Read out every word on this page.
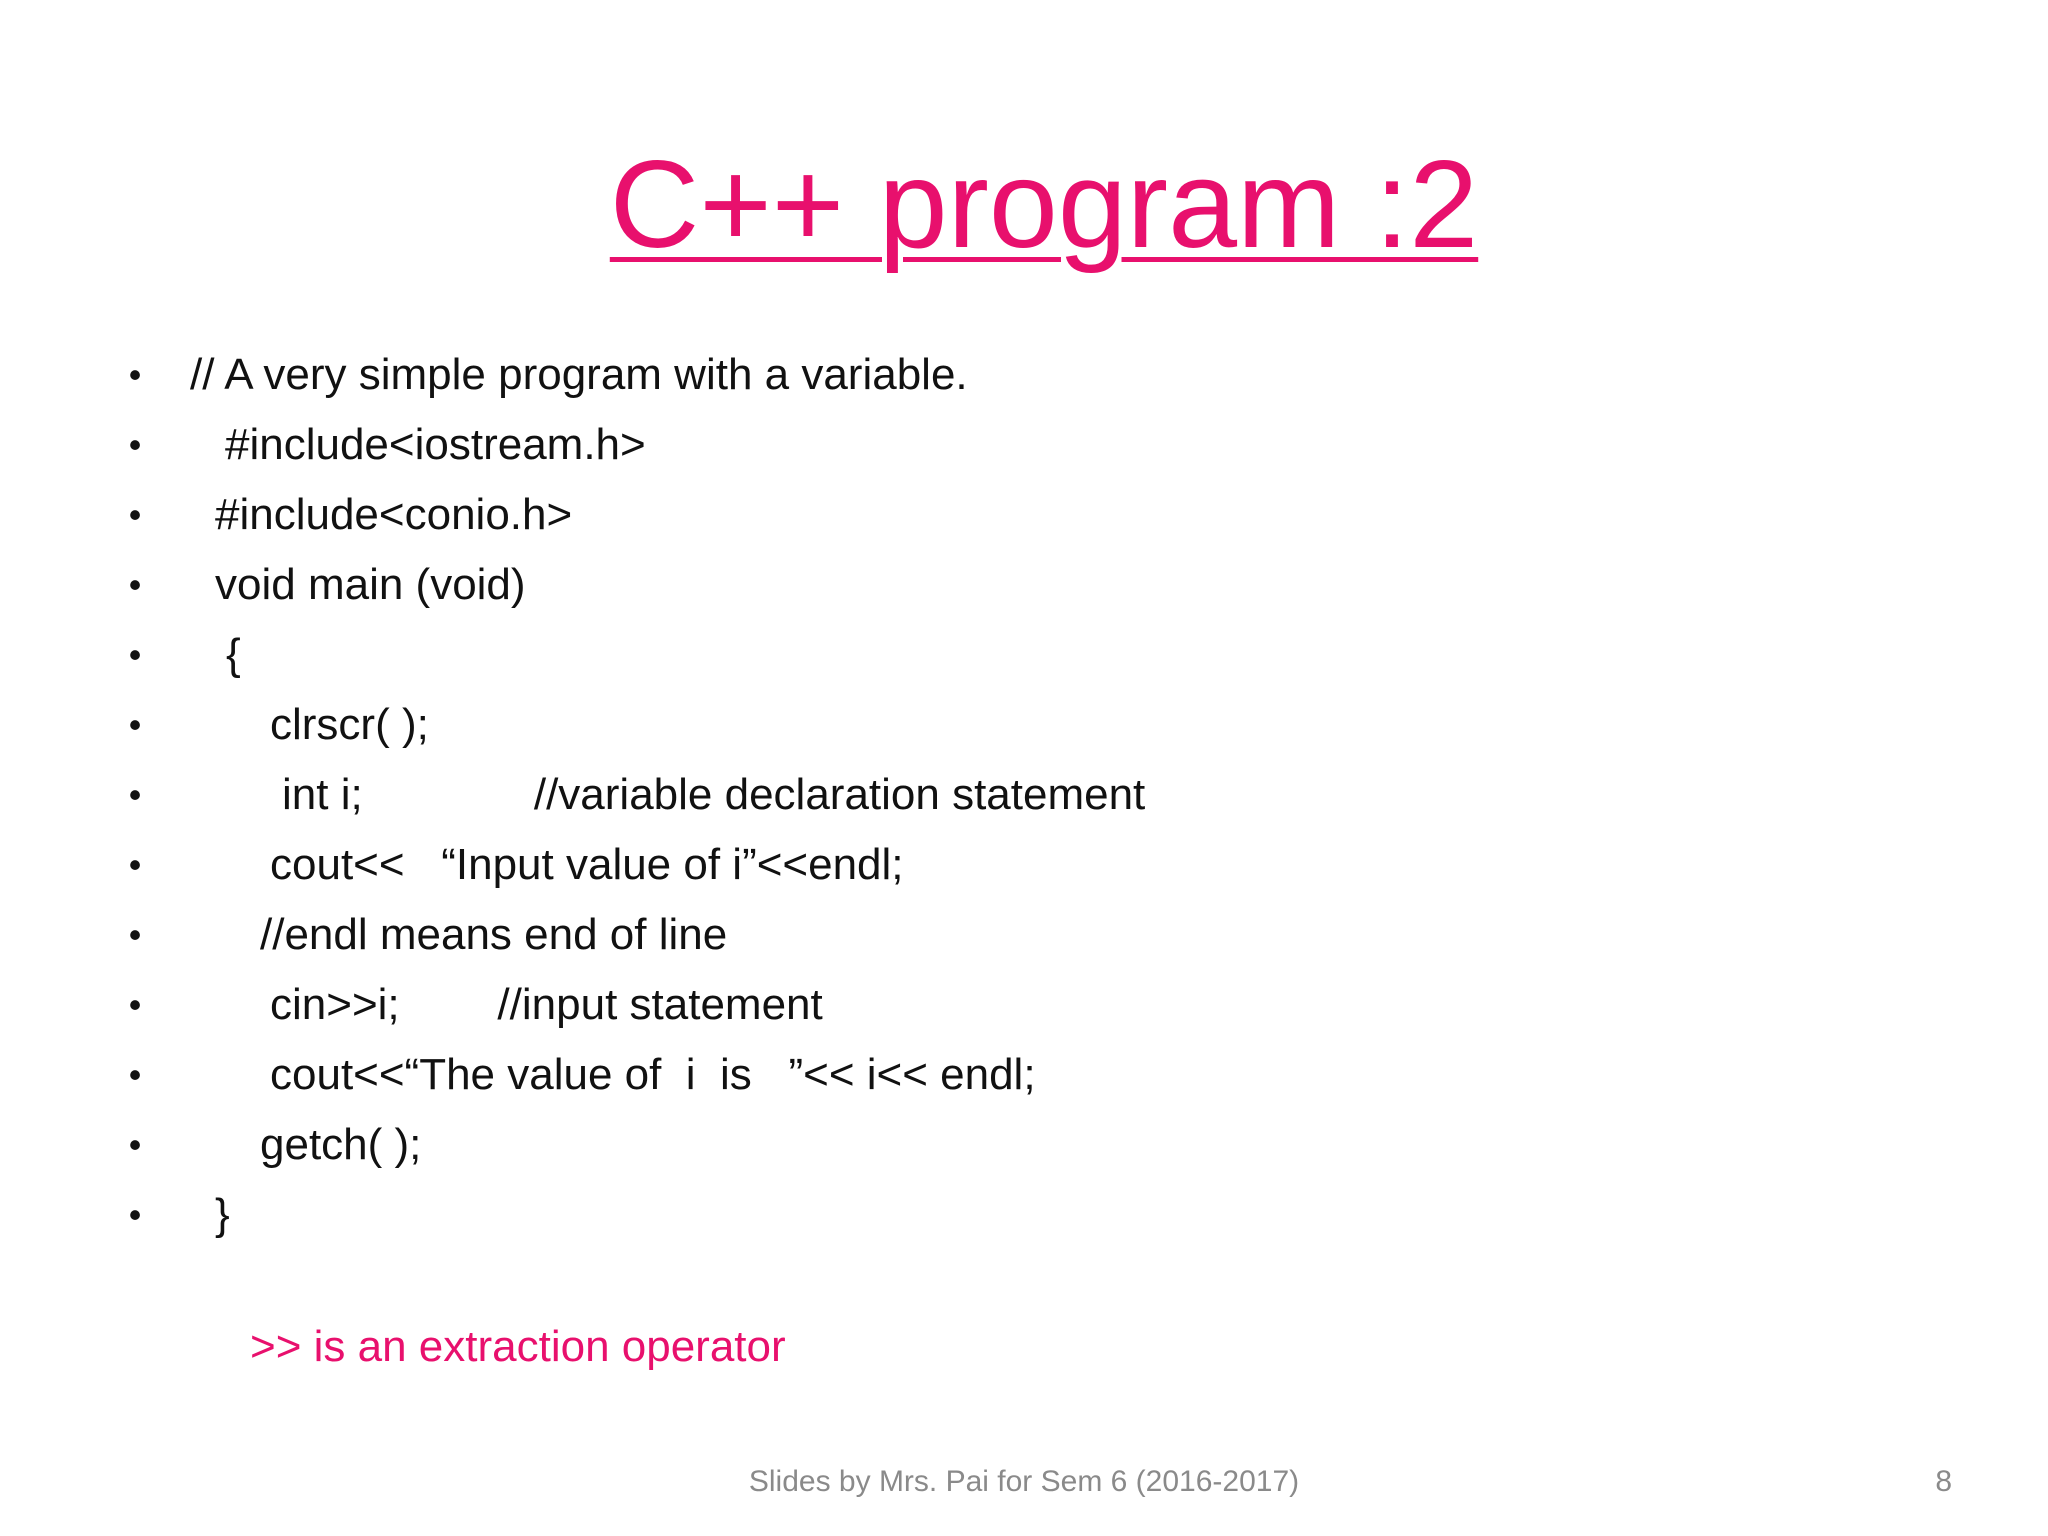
C++ program :2

•

// A very simple program with a variable.

•

#include<iostream.h>

•

#include<conio.h>

•

void main (void)

•

{

•

	clrscr( );

•

	int i;              //variable declaration statement

•

	cout<<   “Input value of i”<<endl;

•

	//endl means end of line

•

	cin>>i;        //input statement

•

	cout<<“The value of  i  is   ”<< i<< endl;

•

	getch( );

•

}

>> is an extraction operator
Slides by Mrs. Pai for Sem 6 (2016-2017)	8
